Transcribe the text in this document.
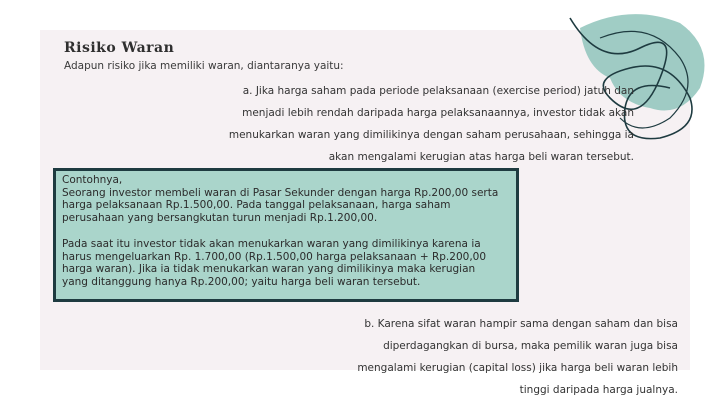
Risiko Waran
Adapun risiko jika memiliki waran, diantaranya yaitu:
a. Jika harga saham pada periode pelaksanaan (exercise period) jatuh dan
menjadi lebih rendah daripada harga pelaksanaannya, investor tidak akan
menukarkan waran yang dimilikinya dengan saham perusahaan, sehingga ia
akan mengalami kerugian atas harga beli waran tersebut.

Contohnya,

Seorang investor membeli waran di Pasar Sekunder dengan harga Rp.200,00 serta

harga pelaksanaan Rp.1.500,00. Pada tanggal pelaksanaan, harga saham

perusahaan yang bersangkutan turun menjadi Rp.1.200,00.

Pada saat itu investor tidak akan menukarkan waran yang dimilikinya karena ia

harus mengeluarkan Rp. 1.700,00 (Rp.1.500,00 harga pelaksanaan + Rp.200,00

harga waran). Jika ia tidak menukarkan waran yang dimilikinya maka kerugian

yang ditanggung hanya Rp.200,00; yaitu harga beli waran tersebut.

b. Karena sifat waran hampir sama dengan saham dan bisa
diperdagangkan di bursa, maka pemilik waran juga bisa
mengalami kerugian (capital loss) jika harga beli waran lebih
tinggi daripada harga jualnya.
